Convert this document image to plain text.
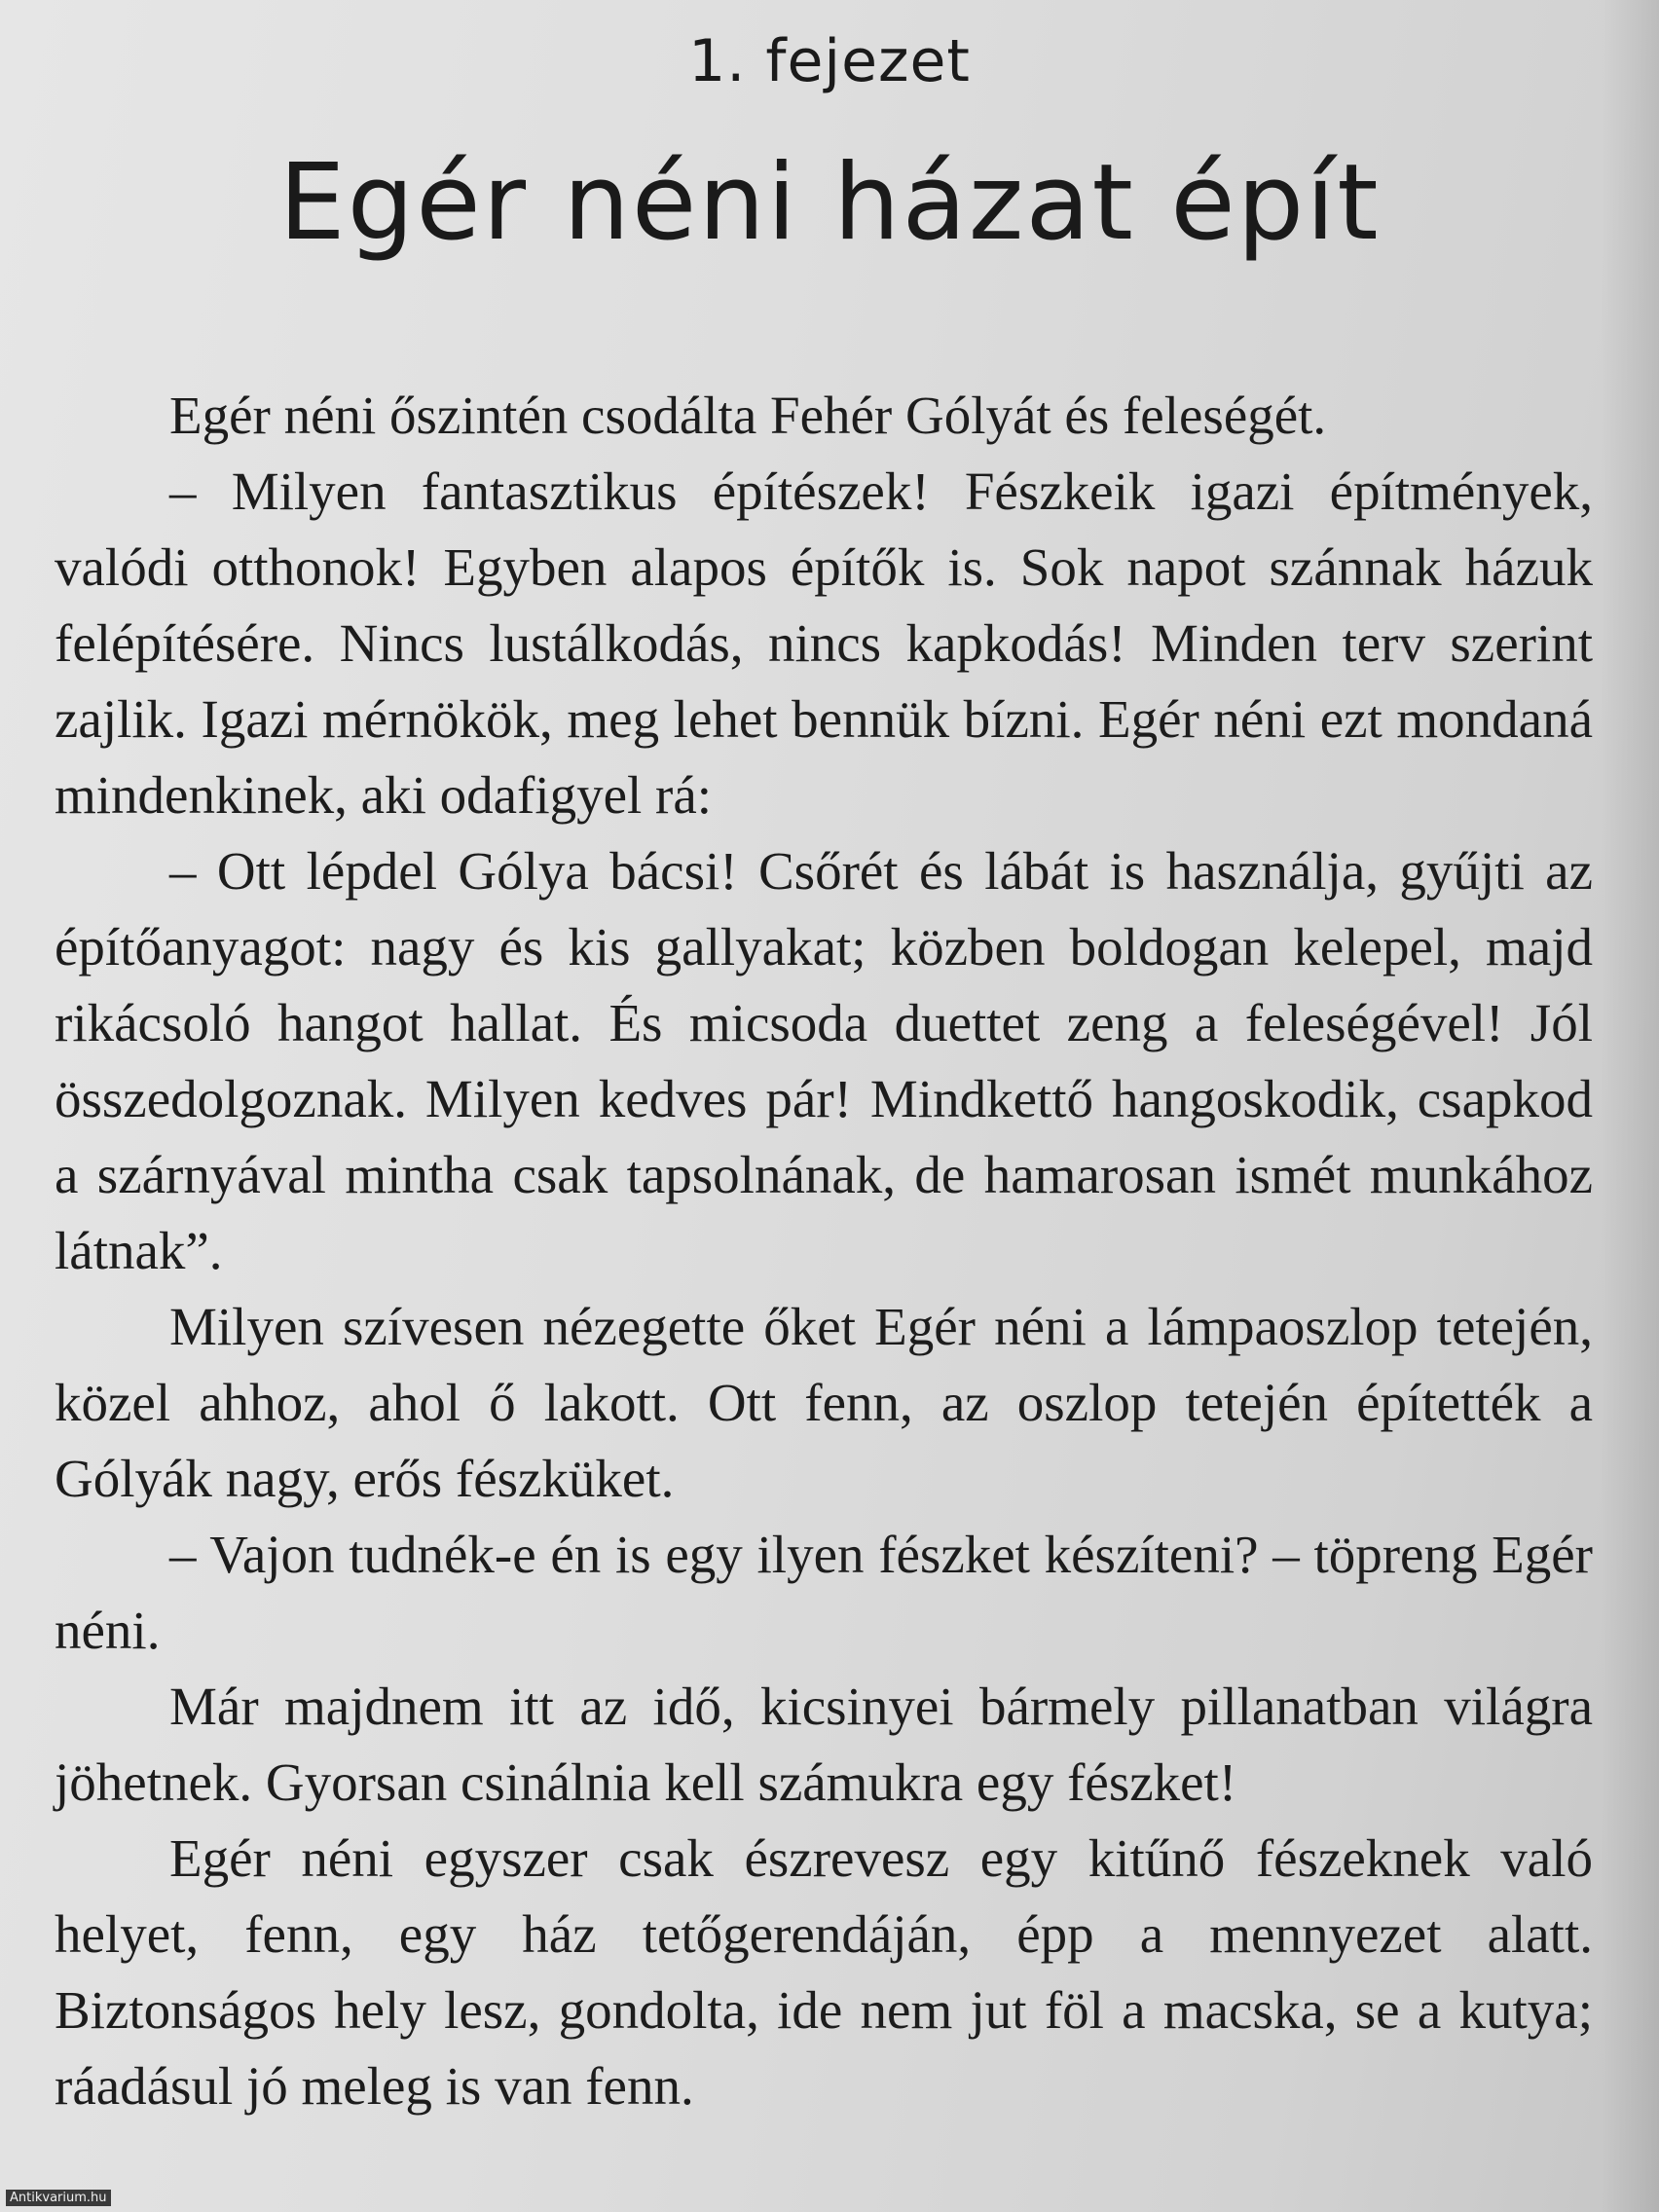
1. fejezet
Egér néni házat épít

Egér néni őszintén csodálta Fehér Gólyát és feleségét.

– Milyen fantasztikus építészek! Fészkeik igazi építmények, valódi otthonok! Egyben alapos építők is. Sok napot szánnak házuk felépítésére. Nincs lustálkodás, nincs kapkodás! Minden terv szerint zajlik. Igazi mérnökök, meg lehet bennük bízni. Egér néni ezt mondaná mindenkinek, aki odafigyel rá:

– Ott lépdel Gólya bácsi! Csőrét és lábát is használja, gyűjti az építőanyagot: nagy és kis gallyakat; közben boldogan kelepel, majd rikácsoló hangot hallat. És micsoda duettet zeng a feleségével! Jól összedolgoznak. Milyen kedves pár! Mindkettő hangoskodik, csapkod a szárnyával mintha csak tapsolnának, de hamarosan ismét munkához látnak”.

Milyen szívesen nézegette őket Egér néni a lámpaoszlop tetején, közel ahhoz, ahol ő lakott. Ott fenn, az oszlop tetején építették a Gólyák nagy, erős fészküket.

– Vajon tudnék-e én is egy ilyen fészket készíteni? – töpreng Egér néni.

Már majdnem itt az idő, kicsinyei bármely pillanatban világra jöhetnek. Gyorsan csinálnia kell számukra egy fészket!

Egér néni egyszer csak észrevesz egy kitűnő fészeknek való helyet, fenn, egy ház tetőgerendáján, épp a mennyezet alatt. Biztonságos hely lesz, gondolta, ide nem jut föl a macska, se a kutya; ráadásul jó meleg is van fenn.

Antikvarium.hu
